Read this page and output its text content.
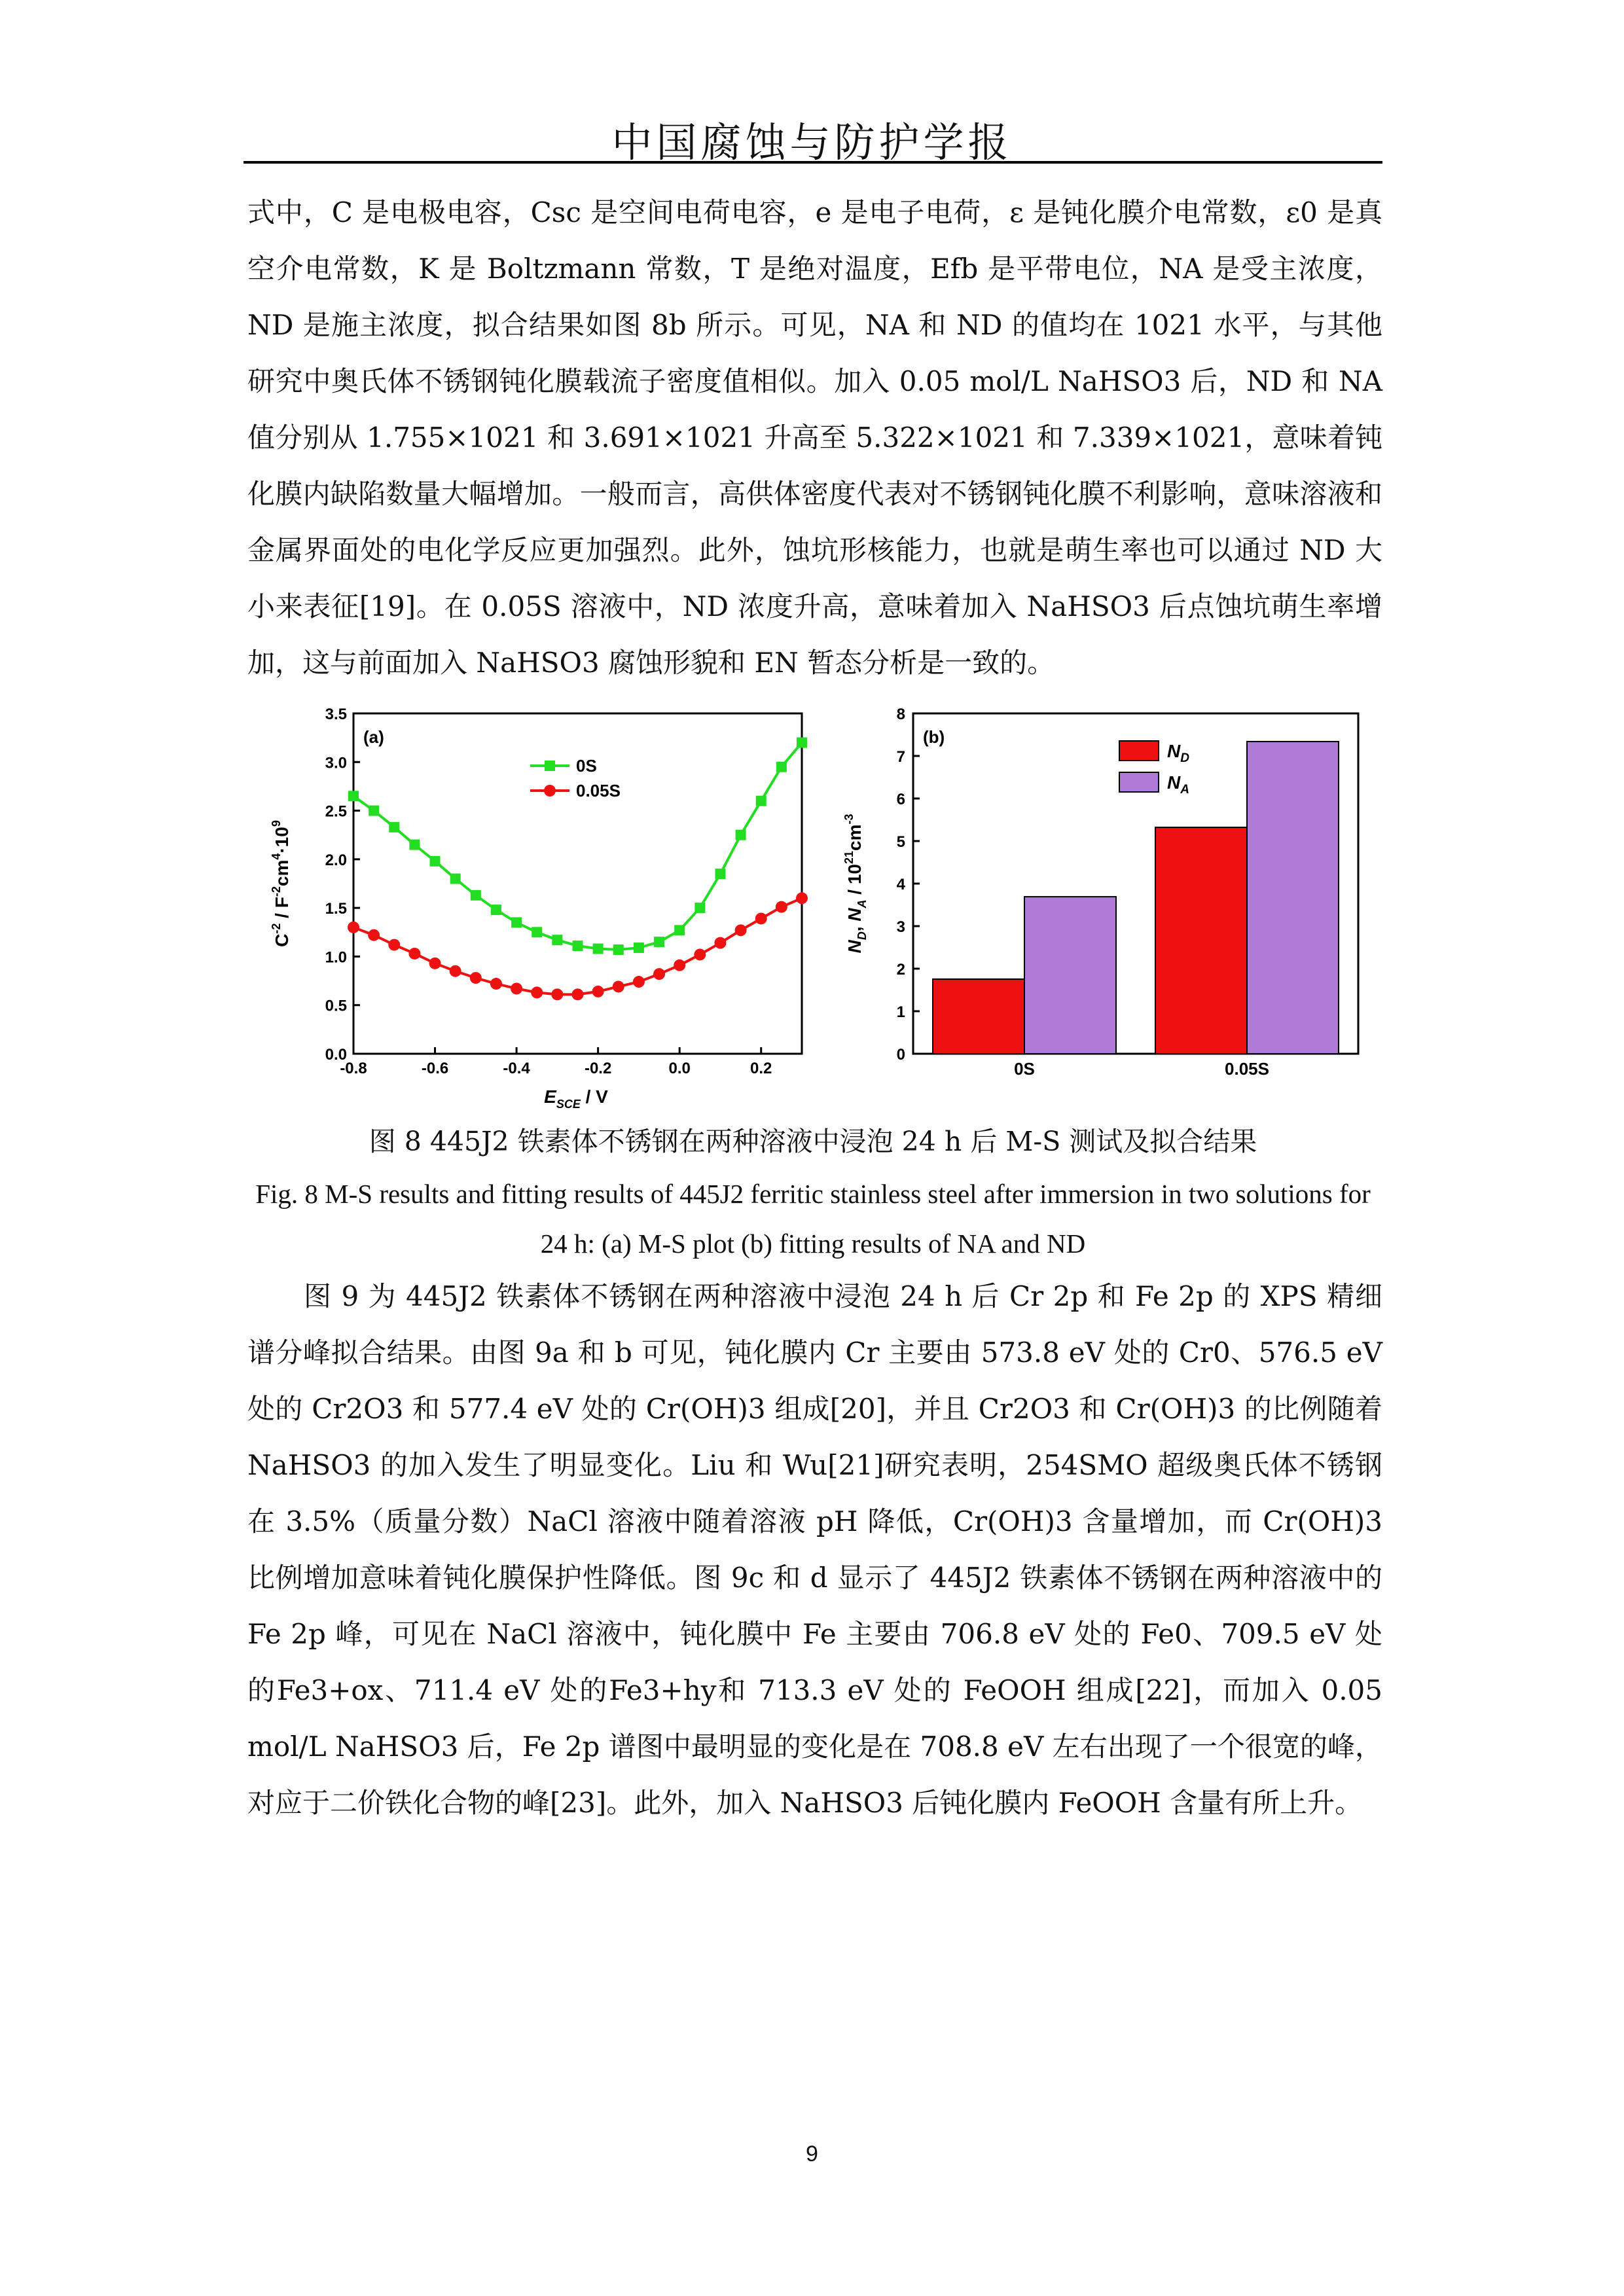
中国腐蚀与防护学报

式中，C 是电极电容，Csc 是空间电荷电容，e 是电子电荷，ε 是钝化膜介电常数，ε0 是真空介电常数，K 是 Boltzmann 常数，T 是绝对温度，Efb 是平带电位，NA 是受主浓度，ND 是施主浓度，拟合结果如图 8b 所示。可见，NA 和 ND 的值均在 1021 水平，与其他研究中奥氏体不锈钢钝化膜载流子密度值相似。加入 0.05 mol/L NaHSO3 后，ND 和 NA 值分别从 1.755×1021 和 3.691×1021 升高至 5.322×1021 和 7.339×1021，意味着钝化膜内缺陷数量大幅增加。一般而言，高供体密度代表对不锈钢钝化膜不利影响，意味溶液和金属界面处的电化学反应更加强烈。此外，蚀坑形核能力，也就是萌生率也可以通过 ND 大小来表征[19]。在 0.05S 溶液中，ND 浓度升高，意味着加入 NaHSO3 后点蚀坑萌生率增加，这与前面加入 NaHSO3 腐蚀形貌和 EN 暂态分析是一致的。

(a)
0.0
0.5
1.0
1.5
2.0
2.5
3.0
3.5
-0.8	-0.6	-0.4	-0.2	0.0	0.2
0S
0.05S
$C^{-2} / F^{-2}cm^4\cdot 10^9$
$E_{SCE}$ / V
(b)
0
1
2
3
4
5
6
7
8
0S	0.05S
$N_D$
$N_A$
$N_D$, $N_A / 10^{21}cm^{-3}$
图 8 445J2 铁素体不锈钢在两种溶液中浸泡 24 h 后 M-S 测试及拟合结果
Fig. 8 M-S results and fitting results of 445J2 ferritic stainless steel after immersion in two solutions for 24 h: (a) M-S plot (b) fitting results of NA and ND

图 9 为 445J2 铁素体不锈钢在两种溶液中浸泡 24 h 后 Cr 2p 和 Fe 2p 的 XPS 精细谱分峰拟合结果。由图 9a 和 b 可见，钝化膜内 Cr 主要由 573.8 eV 处的 Cr0、576.5 eV 处的 Cr2O3 和 577.4 eV 处的 Cr(OH)3 组成[20]，并且 Cr2O3 和 Cr(OH)3 的比例随着 NaHSO3 的加入发生了明显变化。Liu 和 Wu[21]研究表明，254SMO 超级奥氏体不锈钢在 3.5%（质量分数）NaCl 溶液中随着溶液 pH 降低，Cr(OH)3 含量增加，而 Cr(OH)3 比例增加意味着钝化膜保护性降低。图 9c 和 d 显示了 445J2 铁素体不锈钢在两种溶液中的 Fe 2p 峰，可见在 NaCl 溶液中，钝化膜中 Fe 主要由 706.8 eV 处的 Fe0、709.5 eV 处的Fe3+ox、711.4 eV 处的Fe3+hy和 713.3 eV 处的 FeOOH 组成[22]，而加入 0.05 mol/L NaHSO3 后，Fe 2p 谱图中最明显的变化是在 708.8 eV 左右出现了一个很宽的峰，对应于二价铁化合物的峰[23]。此外，加入 NaHSO3 后钝化膜内 FeOOH 含量有所上升。

9
